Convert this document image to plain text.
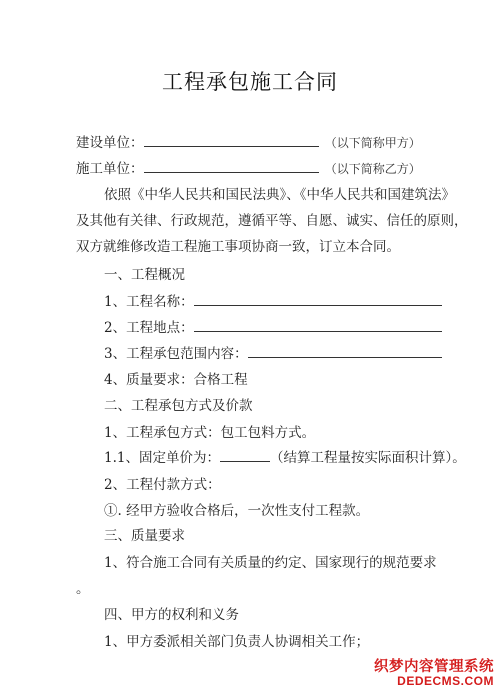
工程承包施工合同
建设单位：	（以下简称甲方）
施工单位：	（以下简称乙方）
依照《中华人民共和国民法典》、《中华人民共和国建筑法》
及其他有关律、行政规范，遵循平等、自愿、诚实、信任的原则，
双方就维修改造工程施工事项协商一致，订立本合同。
一、工程概况
1、工程名称：
2、工程地点：
3、工程承包范围内容：
4、质量要求：合格工程
二、工程承包方式及价款
1、工程承包方式：包工包料方式。
1.1、固定单价为：	（结算工程量按实际面积计算）。
2、工程付款方式：
①. 经甲方验收合格后，一次性支付工程款。
三、质量要求
1、符合施工合同有关质量的约定、国家现行的规范要求
。
四、甲方的权利和义务
1、甲方委派相关部门负责人协调相关工作；
织梦内容管理系统
DEDECMS.COM
